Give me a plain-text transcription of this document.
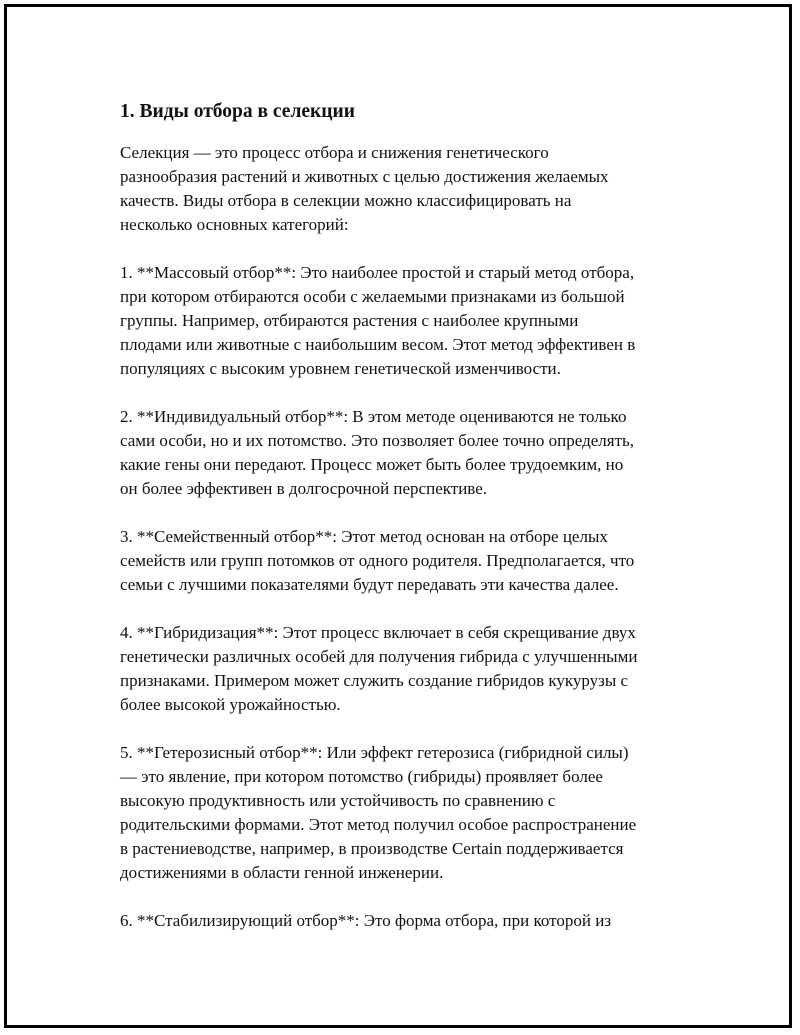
1. Виды отбора в селекции
Селекция — это процесс отбора и снижения генетического
разнообразия растений и животных с целью достижения желаемых
качеств. Виды отбора в селекции можно классифицировать на
несколько основных категорий:
1. **Массовый отбор**: Это наиболее простой и старый метод отбора,
при котором отбираются особи с желаемыми признаками из большой
группы. Например, отбираются растения с наиболее крупными
плодами или животные с наибольшим весом. Этот метод эффективен в
популяциях с высоким уровнем генетической изменчивости.
2. **Индивидуальный отбор**: В этом методе оцениваются не только
сами особи, но и их потомство. Это позволяет более точно определять,
какие гены они передают. Процесс может быть более трудоемким, но
он более эффективен в долгосрочной перспективе.
3. **Семейственный отбор**: Этот метод основан на отборе целых
семейств или групп потомков от одного родителя. Предполагается, что
семьи с лучшими показателями будут передавать эти качества далее.
4. **Гибридизация**: Этот процесс включает в себя скрещивание двух
генетически различных особей для получения гибрида с улучшенными
признаками. Примером может служить создание гибридов кукурузы с
более высокой урожайностью.
5. **Гетерозисный отбор**: Или эффект гетерозиса (гибридной силы)
— это явление, при котором потомство (гибриды) проявляет более
высокую продуктивность или устойчивость по сравнению с
родительскими формами. Этот метод получил особое распространение
в растениеводстве, например, в производстве Certain поддерживается
достижениями в области генной инженерии.
6. **Стабилизирующий отбор**: Это форма отбора, при которой из
